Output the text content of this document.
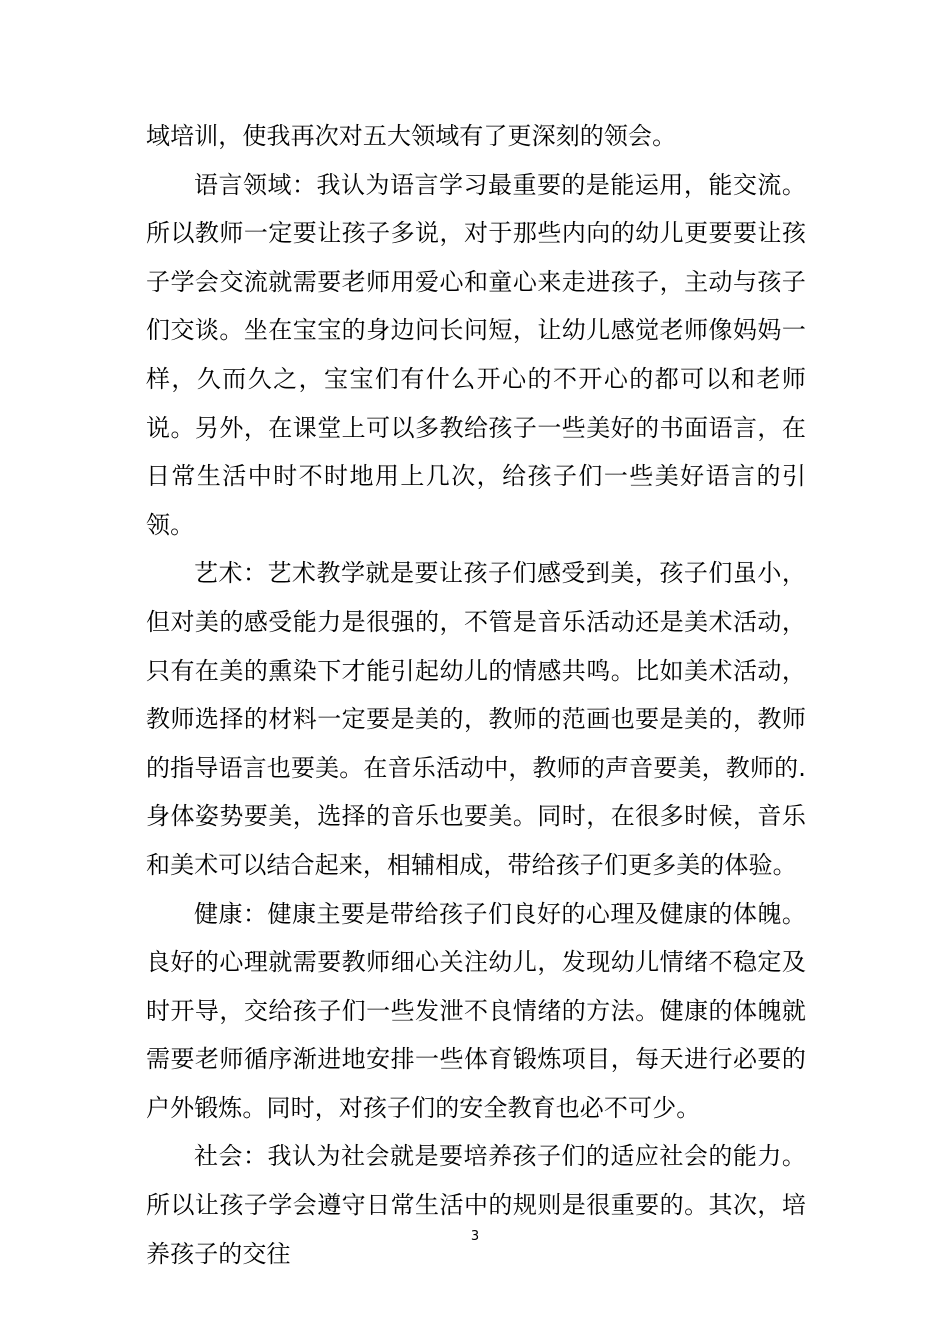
域培训，使我再次对五大领域有了更深刻的领会。

语言领域：我认为语言学习最重要的是能运用，能交流。所以教师一定要让孩子多说，对于那些内向的幼儿更要要让孩子学会交流就需要老师用爱心和童心来走进孩子，主动与孩子们交谈。坐在宝宝的身边问长问短，让幼儿感觉老师像妈妈一样，久而久之，宝宝们有什么开心的不开心的都可以和老师说。另外，在课堂上可以多教给孩子一些美好的书面语言，在日常生活中时不时地用上几次，给孩子们一些美好语言的引领。

艺术：艺术教学就是要让孩子们感受到美，孩子们虽小，但对美的感受能力是很强的，不管是音乐活动还是美术活动，只有在美的熏染下才能引起幼儿的情感共鸣。比如美术活动，教师选择的材料一定要是美的，教师的范画也要是美的，教师的指导语言也要美。在音乐活动中，教师的声音要美，教师的.身体姿势要美，选择的音乐也要美。同时，在很多时候，音乐和美术可以结合起来，相辅相成，带给孩子们更多美的体验。

健康：健康主要是带给孩子们良好的心理及健康的体魄。良好的心理就需要教师细心关注幼儿，发现幼儿情绪不稳定及时开导，交给孩子们一些发泄不良情绪的方法。健康的体魄就需要老师循序渐进地安排一些体育锻炼项目，每天进行必要的户外锻炼。同时，对孩子们的安全教育也必不可少。

社会：我认为社会就是要培养孩子们的适应社会的能力。所以让孩子学会遵守日常生活中的规则是很重要的。其次，培养孩子的交往

3
